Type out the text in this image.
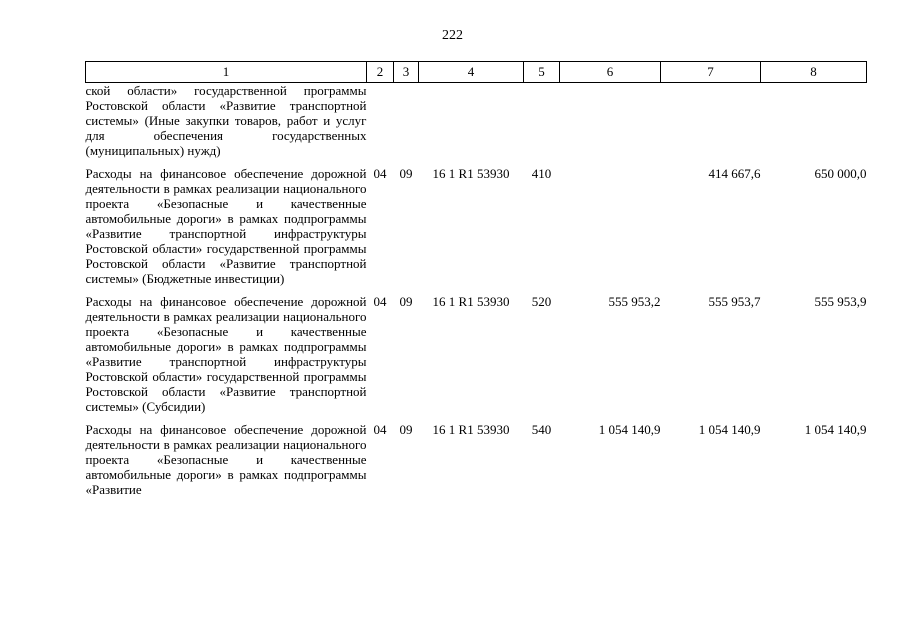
222
1	2	3	4	5	6	7	8
ской области» государственной программы Ростовской области «Развитие транспортной системы» (Иные закупки товаров, работ и услуг для обеспечения государственных (муниципальных) нужд)							
Расходы на финансовое обеспечение дорожной деятельности в рамках реализации национального проекта «Безопасные и качественные автомобильные дороги» в рамках подпрограммы «Развитие транспортной инфраструктуры Ростовской области» государственной программы Ростовской области «Развитие транспортной системы» (Бюджетные инвестиции)	04	09	16 1 R1 53930	410		414 667,6	650 000,0
Расходы на финансовое обеспечение дорожной деятельности в рамках реализации национального проекта «Безопасные и качественные автомобильные дороги» в рамках подпрограммы «Развитие транспортной инфраструктуры Ростовской области» государственной программы Ростовской области «Развитие транспортной системы» (Субсидии)	04	09	16 1 R1 53930	520	555 953,2	555 953,7	555 953,9
Расходы на финансовое обеспечение дорожной деятельности в рамках реализации национального проекта «Безопасные и качественные автомобильные дороги» в рамках подпрограммы «Развитие	04	09	16 1 R1 53930	540	1 054 140,9	1 054 140,9	1 054 140,9
